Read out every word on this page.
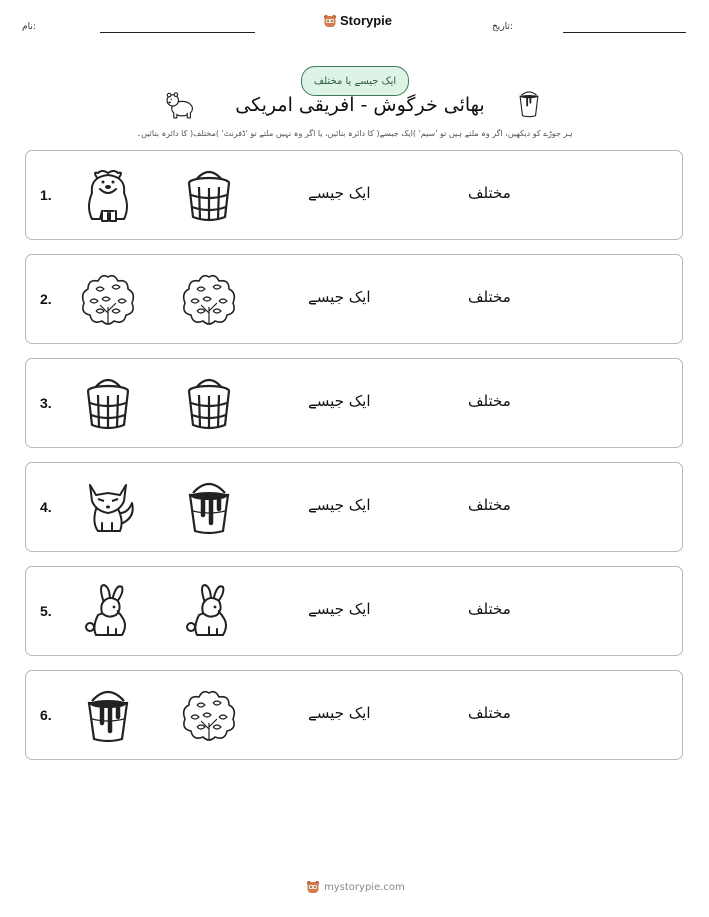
نام:	Storypie	تاریخ:
ایک جیسے یا مختلف
بھائی خرگوش - افریقی امریکی
ہر جوڑے کو دیکھیں، اگر وہ ملتے ہیں تو 'سیم' )ایک جیسے( کا دائرہ بنائیں، یا اگر وہ نہیں ملتے تو 'ڈفرنٹ' )مختلف( کا دائرہ بنائیں۔
1.	ایک جیسے	مختلف
2.	ایک جیسے	مختلف
3.	ایک جیسے	مختلف
4.	ایک جیسے	مختلف
5.	ایک جیسے	مختلف
6.	ایک جیسے	مختلف
mystorypie.com
